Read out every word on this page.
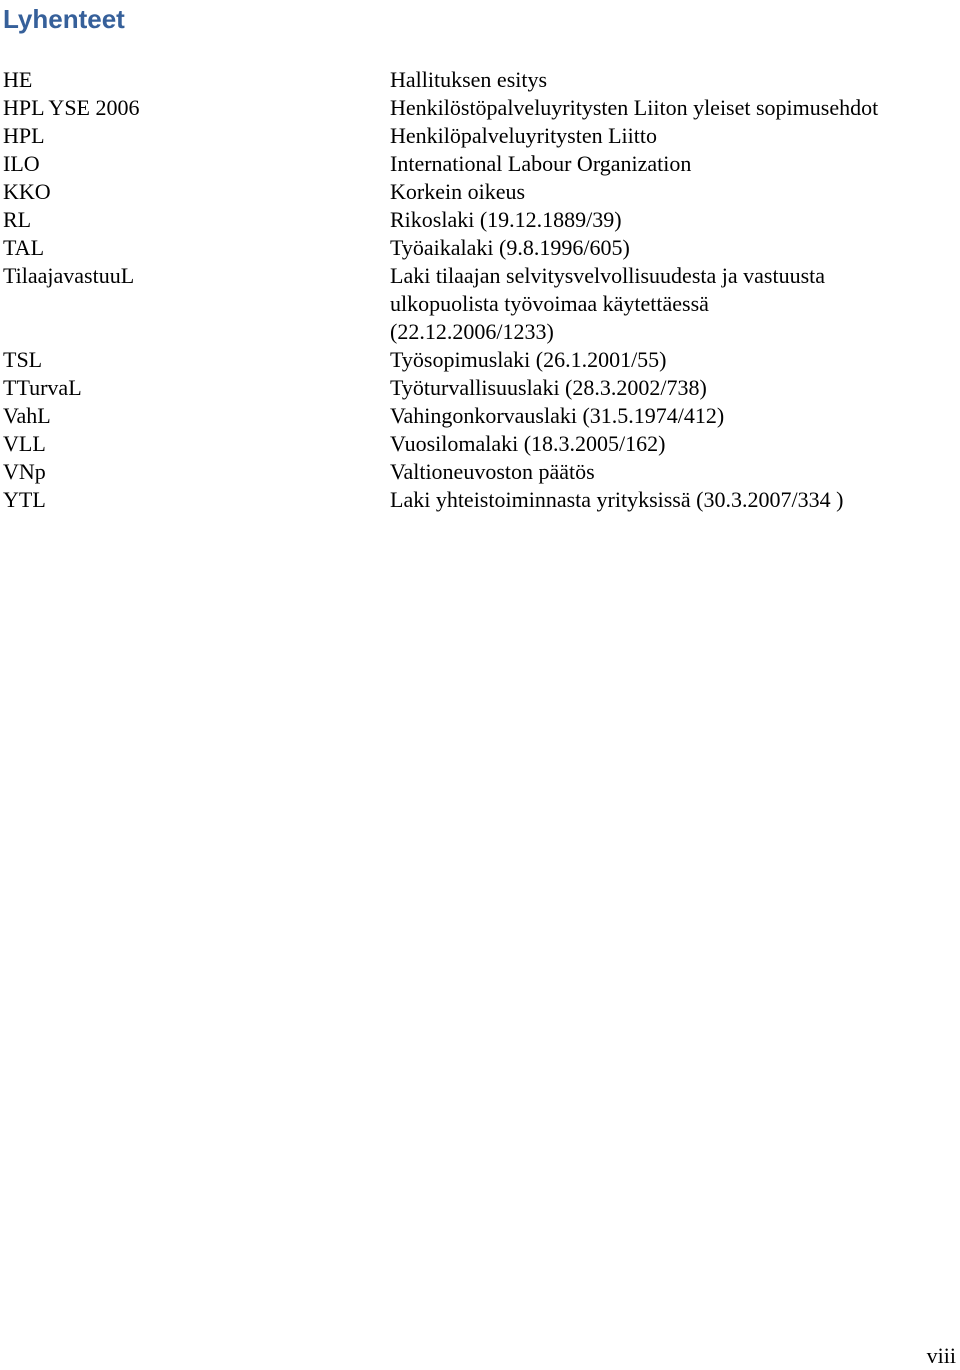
Lyhenteet
HE	Hallituksen esitys
HPL YSE 2006	Henkilöstöpalveluyritysten Liiton yleiset sopimusehdot
HPL	Henkilöpalveluyritysten Liitto
ILO	International Labour Organization
KKO	Korkein oikeus
RL	Rikoslaki (19.12.1889/39)
TAL	Työaikalaki (9.8.1996/605)
TilaajavastuuL	Laki tilaajan selvitysvelvollisuudesta ja vastuusta
ulkopuolista työvoimaa käytettäessä
(22.12.2006/1233)
TSL	Työsopimuslaki (26.1.2001/55)
TTurvaL	Työturvallisuuslaki (28.3.2002/738)
VahL	Vahingonkorvauslaki (31.5.1974/412)
VLL	Vuosilomalaki (18.3.2005/162)
VNp	Valtioneuvoston päätös
YTL	Laki yhteistoiminnasta yrityksissä (30.3.2007/334 )
viii
